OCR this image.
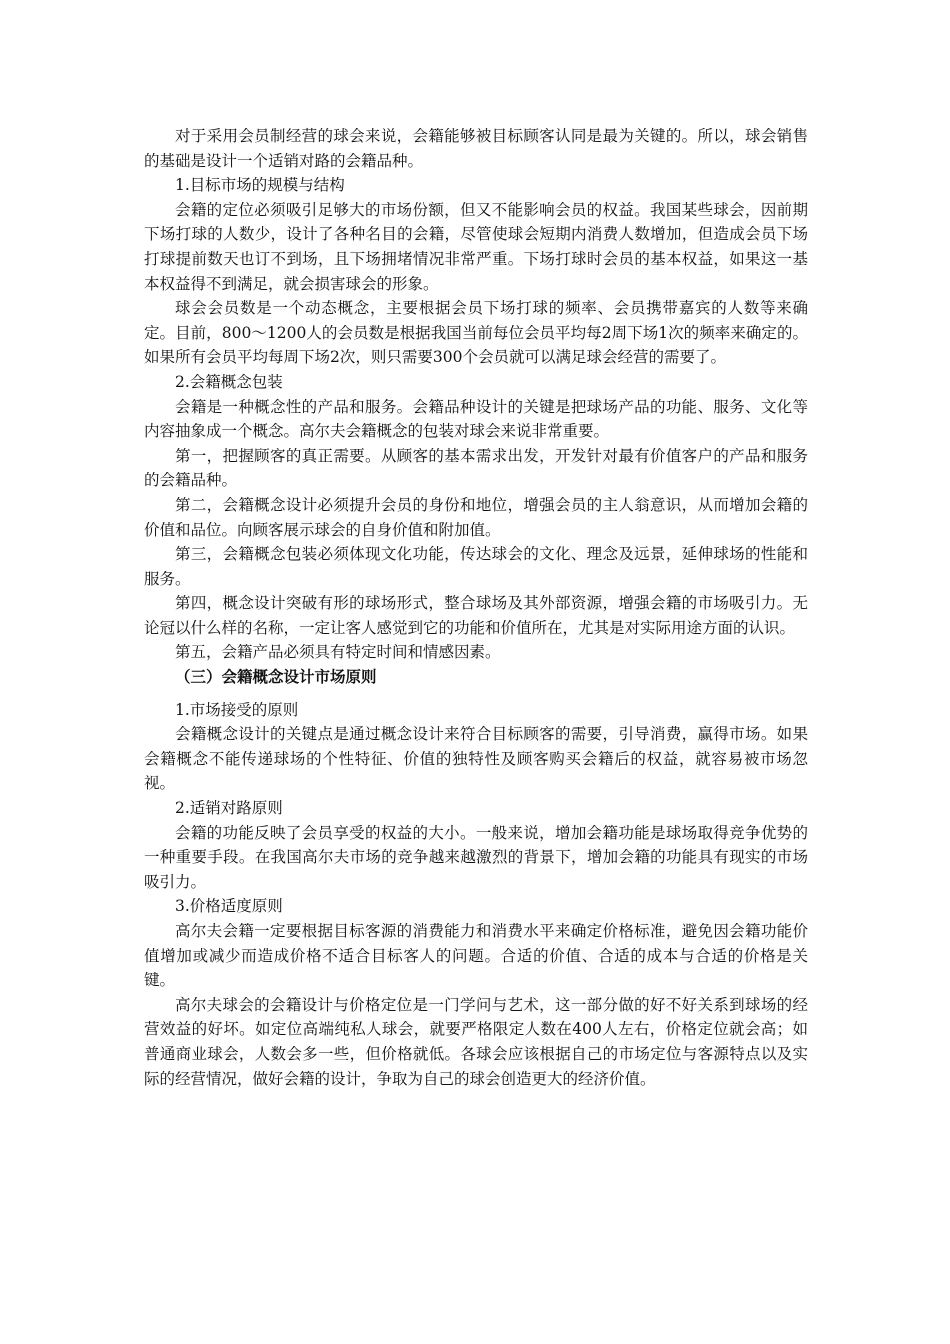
对于采用会员制经营的球会来说，会籍能够被目标顾客认同是最为关键的。所以，球会销售的基础是设计一个适销对路的会籍品种。

1.目标市场的规模与结构

会籍的定位必须吸引足够大的市场份额，但又不能影响会员的权益。我国某些球会，因前期下场打球的人数少，设计了各种名目的会籍，尽管使球会短期内消费人数增加，但造成会员下场打球提前数天也订不到场，且下场拥堵情况非常严重。下场打球时会员的基本权益，如果这一基本权益得不到满足，就会损害球会的形象。

球会会员数是一个动态概念，主要根据会员下场打球的频率、会员携带嘉宾的人数等来确定。目前，800～1200人的会员数是根据我国当前每位会员平均每2周下场1次的频率来确定的。如果所有会员平均每周下场2次，则只需要300个会员就可以满足球会经营的需要了。

2.会籍概念包装

会籍是一种概念性的产品和服务。会籍品种设计的关键是把球场产品的功能、服务、文化等内容抽象成一个概念。高尔夫会籍概念的包装对球会来说非常重要。

第一，把握顾客的真正需要。从顾客的基本需求出发，开发针对最有价值客户的产品和服务的会籍品种。

第二，会籍概念设计必须提升会员的身份和地位，增强会员的主人翁意识，从而增加会籍的价值和品位。向顾客展示球会的自身价值和附加值。

第三，会籍概念包装必须体现文化功能，传达球会的文化、理念及远景，延伸球场的性能和服务。

第四，概念设计突破有形的球场形式，整合球场及其外部资源，增强会籍的市场吸引力。无论冠以什么样的名称，一定让客人感觉到它的功能和价值所在，尤其是对实际用途方面的认识。

第五，会籍产品必须具有特定时间和情感因素。

（三）会籍概念设计市场原则

1.市场接受的原则

会籍概念设计的关键点是通过概念设计来符合目标顾客的需要，引导消费，赢得市场。如果会籍概念不能传递球场的个性特征、价值的独特性及顾客购买会籍后的权益，就容易被市场忽视。

2.适销对路原则

会籍的功能反映了会员享受的权益的大小。一般来说，增加会籍功能是球场取得竞争优势的一种重要手段。在我国高尔夫市场的竞争越来越激烈的背景下，增加会籍的功能具有现实的市场吸引力。

3.价格适度原则

高尔夫会籍一定要根据目标客源的消费能力和消费水平来确定价格标准，避免因会籍功能价值增加或减少而造成价格不适合目标客人的问题。合适的价值、合适的成本与合适的价格是关键。

高尔夫球会的会籍设计与价格定位是一门学问与艺术，这一部分做的好不好关系到球场的经营效益的好坏。如定位高端纯私人球会，就要严格限定人数在400人左右，价格定位就会高；如普通商业球会，人数会多一些，但价格就低。各球会应该根据自己的市场定位与客源特点以及实际的经营情况，做好会籍的设计，争取为自己的球会创造更大的经济价值。
